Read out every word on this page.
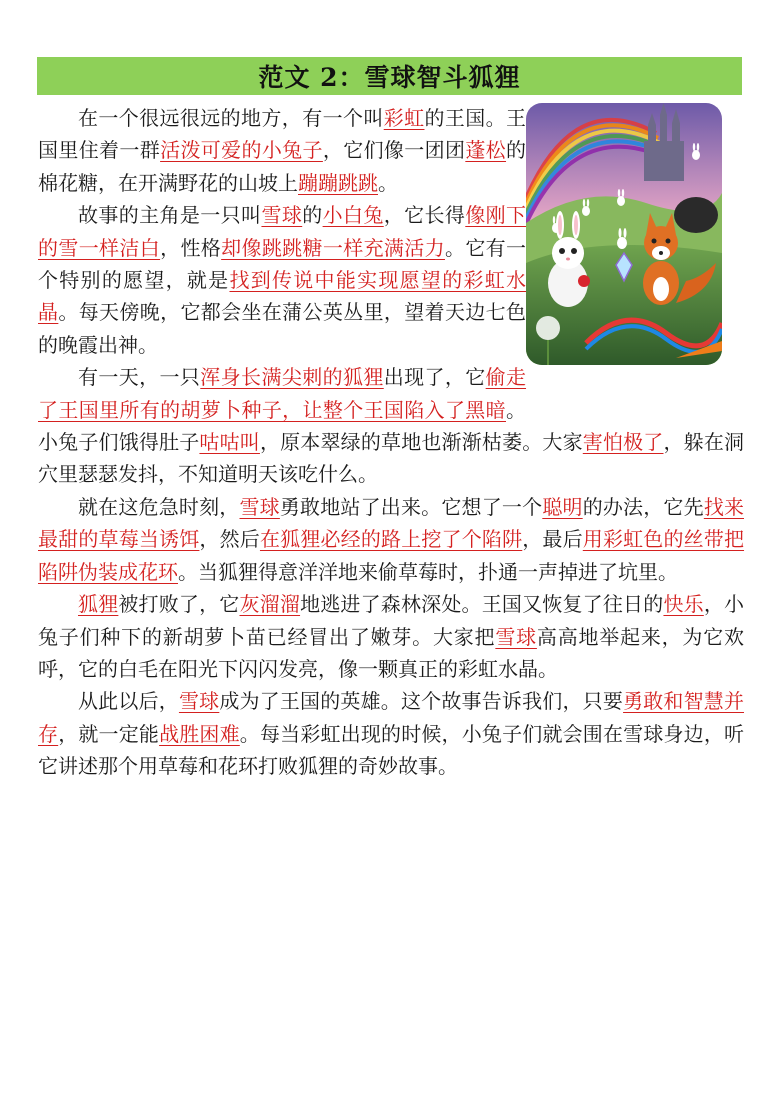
范文 2：雪球智斗狐狸

在一个很远很远的地方，有一个叫彩虹的王国。王国里住着一群活泼可爱的小兔子，它们像一团团蓬松的棉花糖，在开满野花的山坡上蹦蹦跳跳。

故事的主角是一只叫雪球的小白兔，它长得像刚下的雪一样洁白，性格却像跳跳糖一样充满活力。它有一个特别的愿望，就是找到传说中能实现愿望的彩虹水晶。每天傍晚，它都会坐在蒲公英丛里，望着天边七色的晚霞出神。

有一天，一只浑身长满尖刺的狐狸出现了，它偷走了王国里所有的胡萝卜种子，让整个王国陷入了黑暗。小兔子们饿得肚子咕咕叫，原本翠绿的草地也渐渐枯萎。大家害怕极了，躲在洞穴里瑟瑟发抖，不知道明天该吃什么。

就在这危急时刻，雪球勇敢地站了出来。它想了一个聪明的办法，它先找来最甜的草莓当诱饵，然后在狐狸必经的路上挖了个陷阱，最后用彩虹色的丝带把陷阱伪装成花环。当狐狸得意洋洋地来偷草莓时，扑通一声掉进了坑里。

狐狸被打败了，它灰溜溜地逃进了森林深处。王国又恢复了往日的快乐，小兔子们种下的新胡萝卜苗已经冒出了嫩芽。大家把雪球高高地举起来，为它欢呼，它的白毛在阳光下闪闪发亮，像一颗真正的彩虹水晶。

从此以后，雪球成为了王国的英雄。这个故事告诉我们，只要勇敢和智慧并存，就一定能战胜困难。每当彩虹出现的时候，小兔子们就会围在雪球身边，听它讲述那个用草莓和花环打败狐狸的奇妙故事。
